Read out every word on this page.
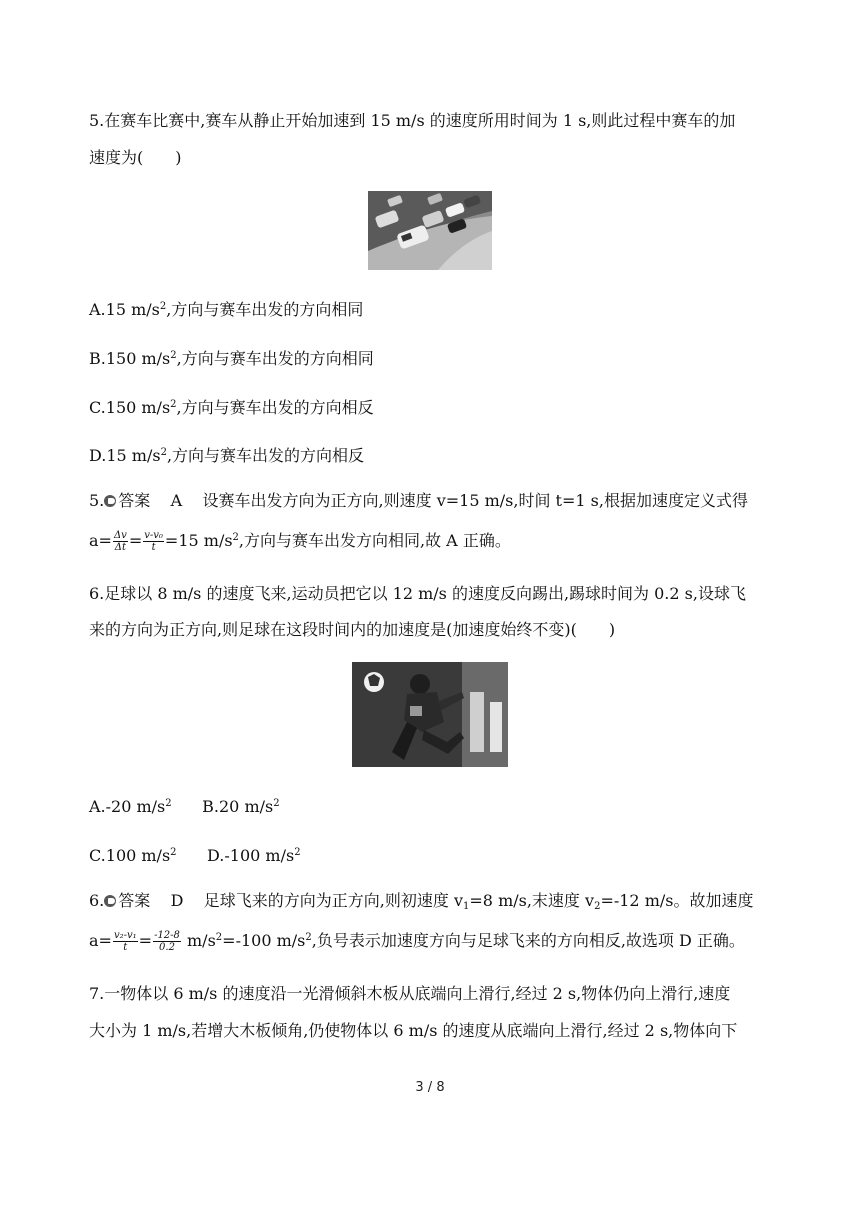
5.在赛车比赛中,赛车从静止开始加速到 15 m/s 的速度所用时间为 1 s,则此过程中赛车的加
速度为(　　)
A.15 $m/s^2$,方向与赛车出发的方向相同
B.150 $m/s^2$,方向与赛车出发的方向相同
C.150 $m/s^2$,方向与赛车出发的方向相反
D.15 $m/s^2$,方向与赛车出发的方向相反
5. 答案 A 设赛车出发方向为正方向,则速度 v=15 m/s,时间 t=1 s,根据加速度定义式得
$a= \frac{\Delta v}{\Delta t} = \frac{\text{v-v₀}}{t} =15$ $m/s^2$,方向与赛车出发方向相同,故 A 正确。
6.足球以 8 m/s 的速度飞来,运动员把它以 12 m/s 的速度反向踢出,踢球时间为 0.2 s,设球飞
来的方向为正方向,则足球在这段时间内的加速度是(加速度始终不变)(　　)
A.-20 $m/s^2$ B.20 $m/s^2$
C.100 $m/s^2$ D.-100 $m/s^2$
6. 答案 D 足球飞来的方向为正方向,则初速度 $v_1=8$ m/s,末速度 $v_2=-12$ m/s。故加速度
$a= \frac{\text{v₂-v₁}}{t} = \frac{-12-8}{0.2} m/s^2=-100$ $m/s^2$,负号表示加速度方向与足球飞来的方向相反,故选项 D 正确。
7.一物体以 6 m/s 的速度沿一光滑倾斜木板从底端向上滑行,经过 2 s,物体仍向上滑行,速度
大小为 1 m/s,若增大木板倾角,仍使物体以 6 m/s 的速度从底端向上滑行,经过 2 s,物体向下
3 / 8
